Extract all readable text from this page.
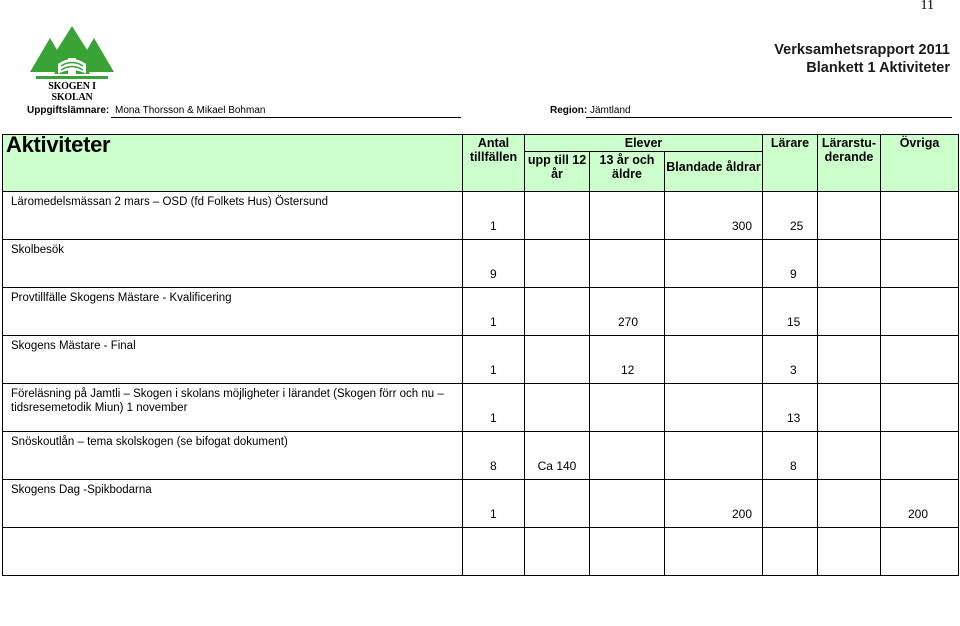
11
SKOGEN I SKOLAN
Verksamhetsrapport 2011
Blankett 1 Aktiviteter
Uppgiftslämnare: Mona Thorsson & Mikael Bohman	Region: Jämtland
Aktiviteter	Antal tillfällen	Elever			Lärare	Lärarstu-derande	Övriga
		upp till 12 år	13 år och äldre	Blandade åldrar			
Läromedelsmässan 2 mars – OSD (fd Folkets Hus) Östersund	1			300	25		

Skolbesök	9				9		

Provtillfälle Skogens Mästare - Kvalificering	1		270		15		

Skogens Mästare - Final	1		12		3		

Föreläsning på Jamtli – Skogen i skolans möjligheter i lärandet (Skogen förr och nu – tidsresemetodik Miun) 1 november	1				13		

Snöskoutlån – tema skolskogen (se bifogat dokument)	8	Ca 140			8		

Skogens Dag -Spikbodarna	1			200			200
